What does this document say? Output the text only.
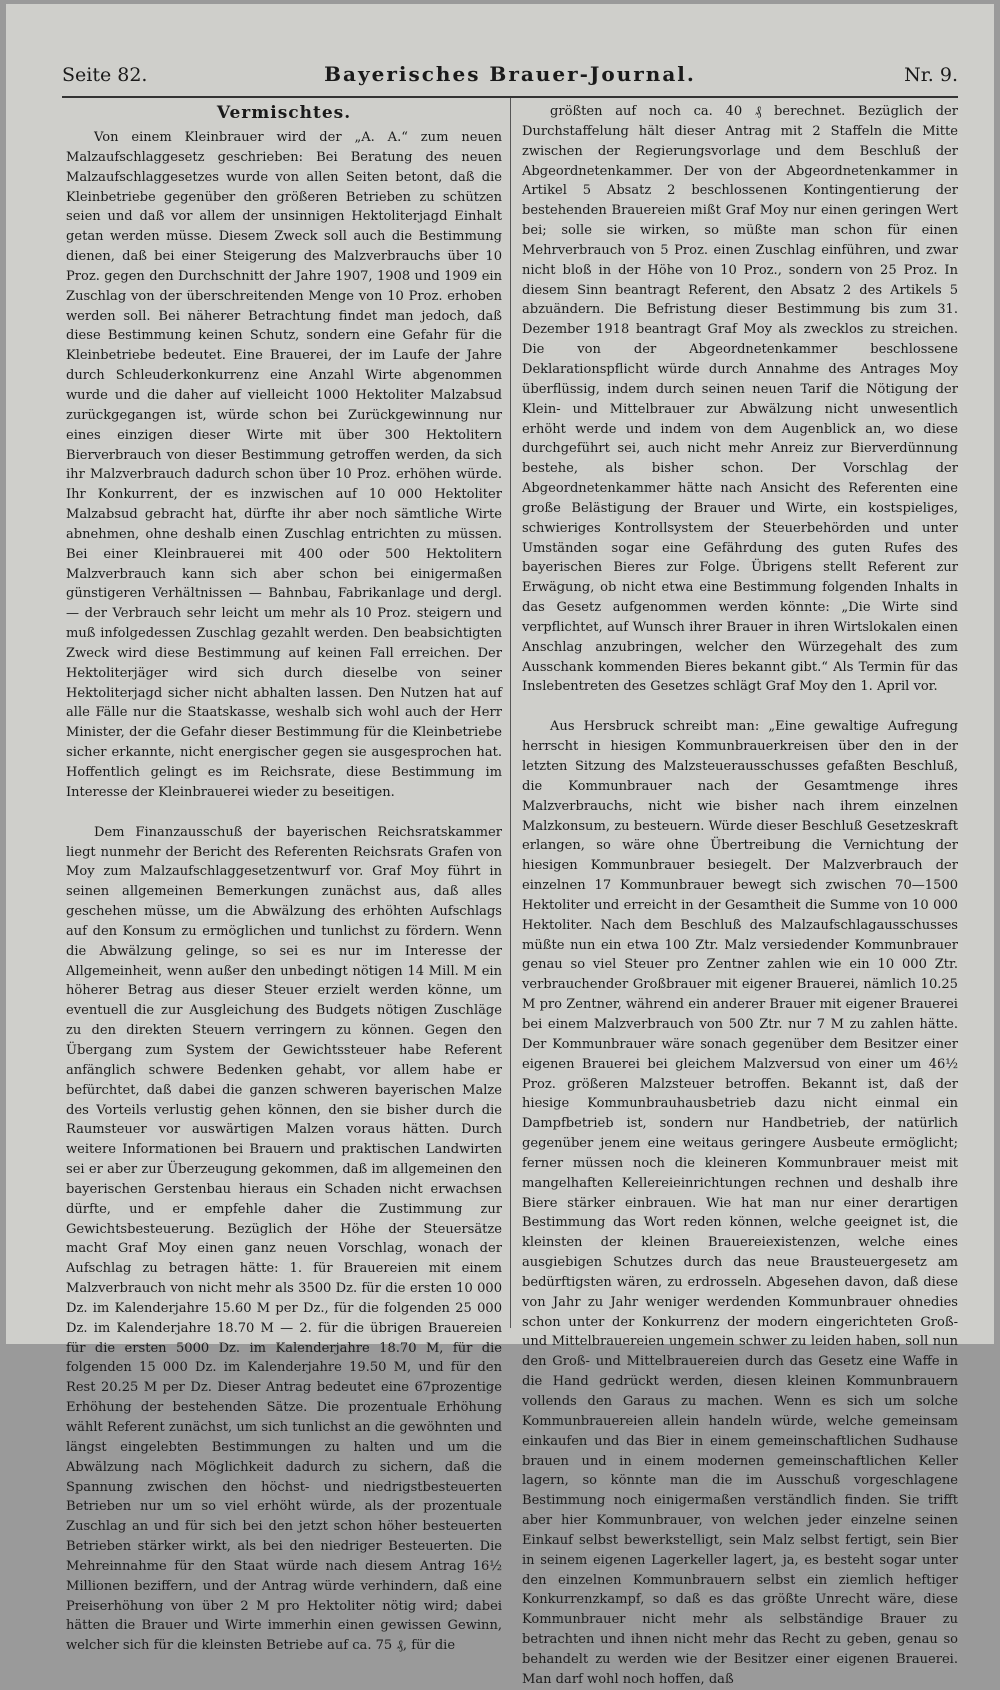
Seite 82.	Bayerisches Brauer-Journal.	Nr. 9.
Vermischtes.

Von einem Kleinbrauer wird der „A. A.“ zum neuen Malzaufschlaggesetz geschrieben: Bei Beratung des neuen Malzaufschlaggesetzes wurde von allen Seiten betont, daß die Kleinbetriebe gegenüber den größeren Betrieben zu schützen seien und daß vor allem der unsinnigen Hektoliterjagd Einhalt getan werden müsse. Diesem Zweck soll auch die Bestimmung dienen, daß bei einer Steigerung des Malzverbrauchs über 10 Proz. gegen den Durchschnitt der Jahre 1907, 1908 und 1909 ein Zuschlag von der überschreitenden Menge von 10 Proz. erhoben werden soll. Bei näherer Betrachtung findet man jedoch, daß diese Bestimmung keinen Schutz, sondern eine Gefahr für die Kleinbetriebe bedeutet. Eine Brauerei, der im Laufe der Jahre durch Schleuderkonkurrenz eine Anzahl Wirte abgenommen wurde und die daher auf vielleicht 1000 Hektoliter Malzabsud zurückgegangen ist, würde schon bei Zurückgewinnung nur eines einzigen dieser Wirte mit über 300 Hektolitern Bierverbrauch von dieser Bestimmung getroffen werden, da sich ihr Malzverbrauch dadurch schon über 10 Proz. erhöhen würde. Ihr Konkurrent, der es inzwischen auf 10 000 Hektoliter Malzabsud gebracht hat, dürfte ihr aber noch sämtliche Wirte abnehmen, ohne deshalb einen Zuschlag entrichten zu müssen. Bei einer Kleinbrauerei mit 400 oder 500 Hektolitern Malzverbrauch kann sich aber schon bei einigermaßen günstigeren Verhältnissen — Bahnbau, Fabrikanlage und dergl. — der Verbrauch sehr leicht um mehr als 10 Proz. steigern und muß infolgedessen Zuschlag gezahlt werden. Den beabsichtigten Zweck wird diese Bestimmung auf keinen Fall erreichen. Der Hektoliterjäger wird sich durch dieselbe von seiner Hektoliterjagd sicher nicht abhalten lassen. Den Nutzen hat auf alle Fälle nur die Staatskasse, weshalb sich wohl auch der Herr Minister, der die Gefahr dieser Bestimmung für die Kleinbetriebe sicher erkannte, nicht energischer gegen sie ausgesprochen hat. Hoffentlich gelingt es im Reichsrate, diese Bestimmung im Interesse der Kleinbrauerei wieder zu beseitigen.

Dem Finanzausschuß der bayerischen Reichsratskammer liegt nunmehr der Bericht des Referenten Reichsrats Grafen von Moy zum Malzaufschlaggesetzentwurf vor. Graf Moy führt in seinen allgemeinen Bemerkungen zunächst aus, daß alles geschehen müsse, um die Abwälzung des erhöhten Aufschlags auf den Konsum zu ermöglichen und tunlichst zu fördern. Wenn die Abwälzung gelinge, so sei es nur im Interesse der Allgemeinheit, wenn außer den unbedingt nötigen 14 Mill. M ein höherer Betrag aus dieser Steuer erzielt werden könne, um eventuell die zur Ausgleichung des Budgets nötigen Zuschläge zu den direkten Steuern verringern zu können. Gegen den Übergang zum System der Gewichtssteuer habe Referent anfänglich schwere Bedenken gehabt, vor allem habe er befürchtet, daß dabei die ganzen schweren bayerischen Malze des Vorteils verlustig gehen können, den sie bisher durch die Raumsteuer vor auswärtigen Malzen voraus hätten. Durch weitere Informationen bei Brauern und praktischen Landwirten sei er aber zur Überzeugung gekommen, daß im allgemeinen den bayerischen Gerstenbau hieraus ein Schaden nicht erwachsen dürfte, und er empfehle daher die Zustimmung zur Gewichtsbesteuerung. Bezüglich der Höhe der Steuersätze macht Graf Moy einen ganz neuen Vorschlag, wonach der Aufschlag zu betragen hätte: 1. für Brauereien mit einem Malzverbrauch von nicht mehr als 3500 Dz. für die ersten 10 000 Dz. im Kalenderjahre 15.60 M per Dz., für die folgenden 25 000 Dz. im Kalenderjahre 18.70 M — 2. für die übrigen Brauereien für die ersten 5000 Dz. im Kalenderjahre 18.70 M, für die folgenden 15 000 Dz. im Kalenderjahre 19.50 M, und für den Rest 20.25 M per Dz. Dieser Antrag bedeutet eine 67prozentige Erhöhung der bestehenden Sätze. Die prozentuale Erhöhung wählt Referent zunächst, um sich tunlichst an die gewöhnten und längst eingelebten Bestimmungen zu halten und um die Abwälzung nach Möglichkeit dadurch zu sichern, daß die Spannung zwischen den höchst- und niedrigstbesteuerten Betrieben nur um so viel erhöht würde, als der prozentuale Zuschlag an und für sich bei den jetzt schon höher besteuerten Betrieben stärker wirkt, als bei den niedriger Besteuerten. Die Mehreinnahme für den Staat würde nach diesem Antrag 16½ Millionen beziffern, und der Antrag würde verhindern, daß eine Preiserhöhung von über 2 M pro Hektoliter nötig wird; dabei hätten die Brauer und Wirte immerhin einen gewissen Gewinn, welcher sich für die kleinsten Betriebe auf ca. 75 ₰, für die

größten auf noch ca. 40 ₰ berechnet. Bezüglich der Durchstaffelung hält dieser Antrag mit 2 Staffeln die Mitte zwischen der Regierungsvorlage und dem Beschluß der Abgeordnetenkammer. Der von der Abgeordnetenkammer in Artikel 5 Absatz 2 beschlossenen Kontingentierung der bestehenden Brauereien mißt Graf Moy nur einen geringen Wert bei; solle sie wirken, so müßte man schon für einen Mehrverbrauch von 5 Proz. einen Zuschlag einführen, und zwar nicht bloß in der Höhe von 10 Proz., sondern von 25 Proz. In diesem Sinn beantragt Referent, den Absatz 2 des Artikels 5 abzuändern. Die Befristung dieser Bestimmung bis zum 31. Dezember 1918 beantragt Graf Moy als zwecklos zu streichen. Die von der Abgeordnetenkammer beschlossene Deklarationspflicht würde durch Annahme des Antrages Moy überflüssig, indem durch seinen neuen Tarif die Nötigung der Klein- und Mittelbrauer zur Abwälzung nicht unwesentlich erhöht werde und indem von dem Augenblick an, wo diese durchgeführt sei, auch nicht mehr Anreiz zur Bierverdünnung bestehe, als bisher schon. Der Vorschlag der Abgeordnetenkammer hätte nach Ansicht des Referenten eine große Belästigung der Brauer und Wirte, ein kostspieliges, schwieriges Kontrollsystem der Steuerbehörden und unter Umständen sogar eine Gefährdung des guten Rufes des bayerischen Bieres zur Folge. Übrigens stellt Referent zur Erwägung, ob nicht etwa eine Bestimmung folgenden Inhalts in das Gesetz aufgenommen werden könnte: „Die Wirte sind verpflichtet, auf Wunsch ihrer Brauer in ihren Wirtslokalen einen Anschlag anzubringen, welcher den Würzegehalt des zum Ausschank kommenden Bieres bekannt gibt.“ Als Termin für das Inslebentreten des Gesetzes schlägt Graf Moy den 1. April vor.

Aus Hersbruck schreibt man: „Eine gewaltige Aufregung herrscht in hiesigen Kommunbrauerkreisen über den in der letzten Sitzung des Malzsteuerausschusses gefaßten Beschluß, die Kommunbrauer nach der Gesamtmenge ihres Malzverbrauchs, nicht wie bisher nach ihrem einzelnen Malzkonsum, zu besteuern. Würde dieser Beschluß Gesetzeskraft erlangen, so wäre ohne Übertreibung die Vernichtung der hiesigen Kommunbrauer besiegelt. Der Malzverbrauch der einzelnen 17 Kommunbrauer bewegt sich zwischen 70—1500 Hektoliter und erreicht in der Gesamtheit die Summe von 10 000 Hektoliter. Nach dem Beschluß des Malzaufschlagausschusses müßte nun ein etwa 100 Ztr. Malz versiedender Kommunbrauer genau so viel Steuer pro Zentner zahlen wie ein 10 000 Ztr. verbrauchender Großbrauer mit eigener Brauerei, nämlich 10.25 M pro Zentner, während ein anderer Brauer mit eigener Brauerei bei einem Malzverbrauch von 500 Ztr. nur 7 M zu zahlen hätte. Der Kommunbrauer wäre sonach gegenüber dem Besitzer einer eigenen Brauerei bei gleichem Malzversud von einer um 46½ Proz. größeren Malzsteuer betroffen. Bekannt ist, daß der hiesige Kommunbrauhausbetrieb dazu nicht einmal ein Dampfbetrieb ist, sondern nur Handbetrieb, der natürlich gegenüber jenem eine weitaus geringere Ausbeute ermöglicht; ferner müssen noch die kleineren Kommunbrauer meist mit mangelhaften Kellereieinrichtungen rechnen und deshalb ihre Biere stärker einbrauen. Wie hat man nur einer derartigen Bestimmung das Wort reden können, welche geeignet ist, die kleinsten der kleinen Brauereiexistenzen, welche eines ausgiebigen Schutzes durch das neue Brausteuergesetz am bedürftigsten wären, zu erdrosseln. Abgesehen davon, daß diese von Jahr zu Jahr weniger werdenden Kommunbrauer ohnedies schon unter der Konkurrenz der modern eingerichteten Groß- und Mittelbrauereien ungemein schwer zu leiden haben, soll nun den Groß- und Mittelbrauereien durch das Gesetz eine Waffe in die Hand gedrückt werden, diesen kleinen Kommunbrauern vollends den Garaus zu machen. Wenn es sich um solche Kommunbrauereien allein handeln würde, welche gemeinsam einkaufen und das Bier in einem gemeinschaftlichen Sudhause brauen und in einem modernen gemeinschaftlichen Keller lagern, so könnte man die im Ausschuß vorgeschlagene Bestimmung noch einigermaßen verständlich finden. Sie trifft aber hier Kommunbrauer, von welchen jeder einzelne seinen Einkauf selbst bewerkstelligt, sein Malz selbst fertigt, sein Bier in seinem eigenen Lagerkeller lagert, ja, es besteht sogar unter den einzelnen Kommunbrauern selbst ein ziemlich heftiger Konkurrenzkampf, so daß es das größte Unrecht wäre, diese Kommunbrauer nicht mehr als selbständige Brauer zu betrachten und ihnen nicht mehr das Recht zu geben, genau so behandelt zu werden wie der Besitzer einer eigenen Brauerei. Man darf wohl noch hoffen, daß
